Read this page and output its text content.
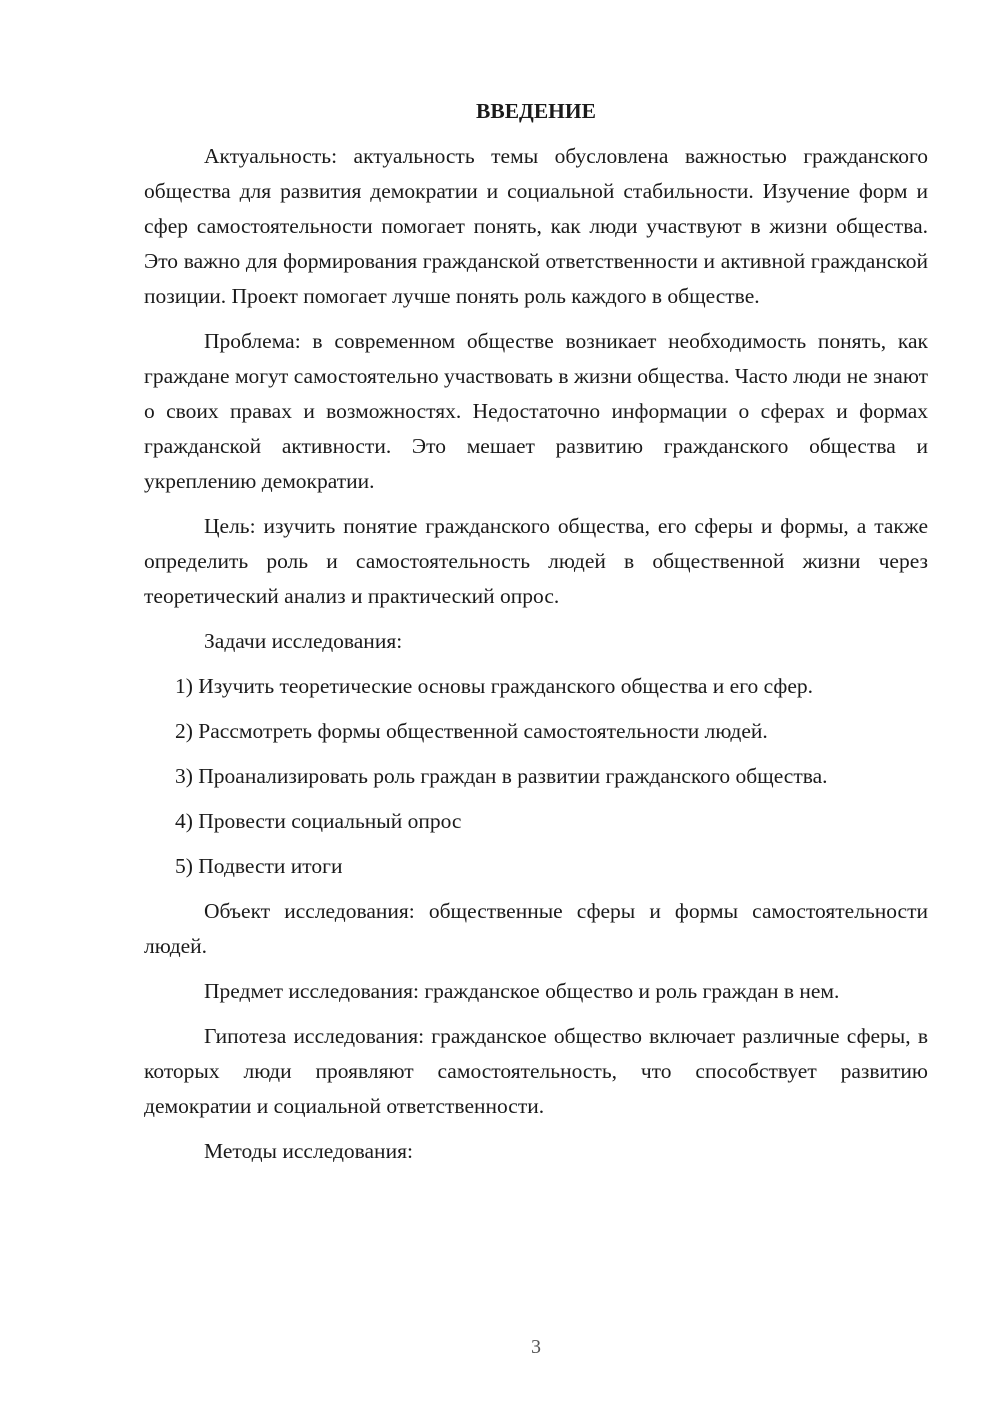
ВВЕДЕНИЕ

Актуальность: актуальность темы обусловлена важностью гражданского общества для развития демократии и социальной стабильности. Изучение форм и сфер самостоятельности помогает понять, как люди участвуют в жизни общества. Это важно для формирования гражданской ответственности и активной гражданской позиции. Проект помогает лучше понять роль каждого в обществе.

Проблема: в современном обществе возникает необходимость понять, как граждане могут самостоятельно участвовать в жизни общества. Часто люди не знают о своих правах и возможностях. Недостаточно информации о сферах и формах гражданской активности. Это мешает развитию гражданского общества и укреплению демократии.

Цель: изучить понятие гражданского общества, его сферы и формы, а также определить роль и самостоятельность людей в общественной жизни через теоретический анализ и практический опрос.

Задачи исследования:

1) Изучить теоретические основы гражданского общества и его сфер.

2) Рассмотреть формы общественной самостоятельности людей.

3) Проанализировать роль граждан в развитии гражданского общества.

4) Провести социальный опрос

5) Подвести итоги

Объект исследования: общественные сферы и формы самостоятельности людей.

Предмет исследования: гражданское общество и роль граждан в нем.

Гипотеза исследования: гражданское общество включает различные сферы, в которых люди проявляют самостоятельность, что способствует развитию демократии и социальной ответственности.

Методы исследования:

3
